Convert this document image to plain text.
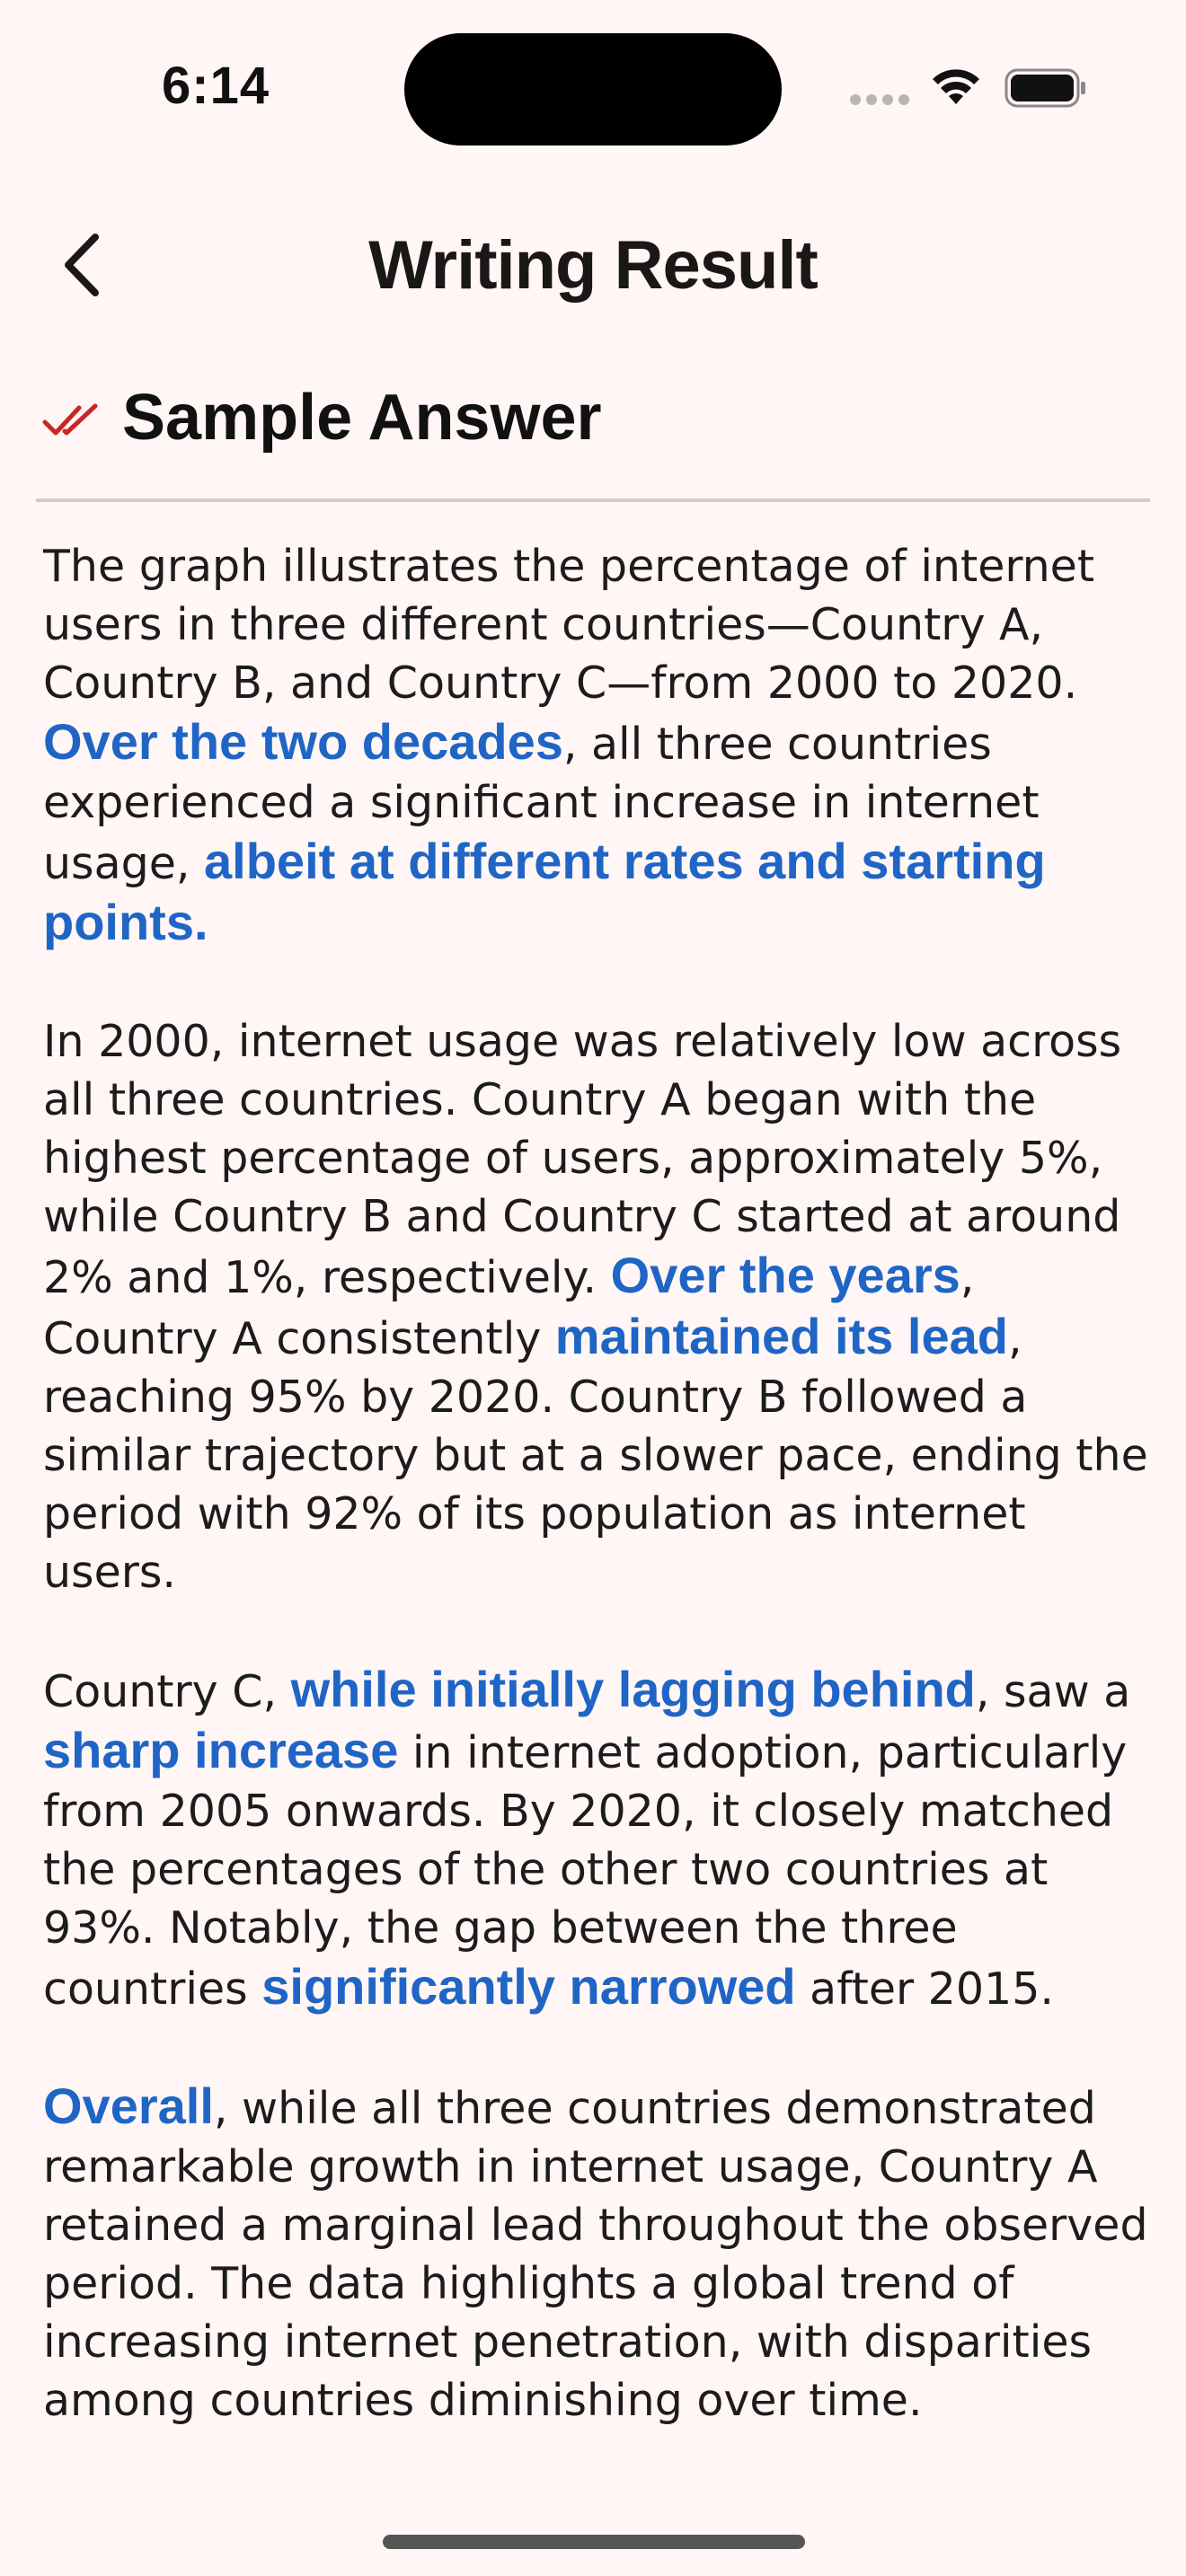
6:14
Writing Result
Sample Answer

The graph illustrates the percentage of internet users in three different countries—Country A, Country B, and Country C—from 2000 to 2020. Over the two decades, all three countries experienced a significant increase in internet usage, albeit at different rates and starting points.

In 2000, internet usage was relatively low across all three countries. Country A began with the highest percentage of users, approximately 5%, while Country B and Country C started at around 2% and 1%, respectively. Over the years, Country A consistently maintained its lead, reaching 95% by 2020. Country B followed a similar trajectory but at a slower pace, ending the period with 92% of its population as internet users.

Country C, while initially lagging behind, saw a sharp increase in internet adoption, particularly from 2005 onwards. By 2020, it closely matched the percentages of the other two countries at 93%. Notably, the gap between the three countries significantly narrowed after 2015.

Overall, while all three countries demonstrated remarkable growth in internet usage, Country A retained a marginal lead throughout the observed period. The data highlights a global trend of increasing internet penetration, with disparities among countries diminishing over time.
